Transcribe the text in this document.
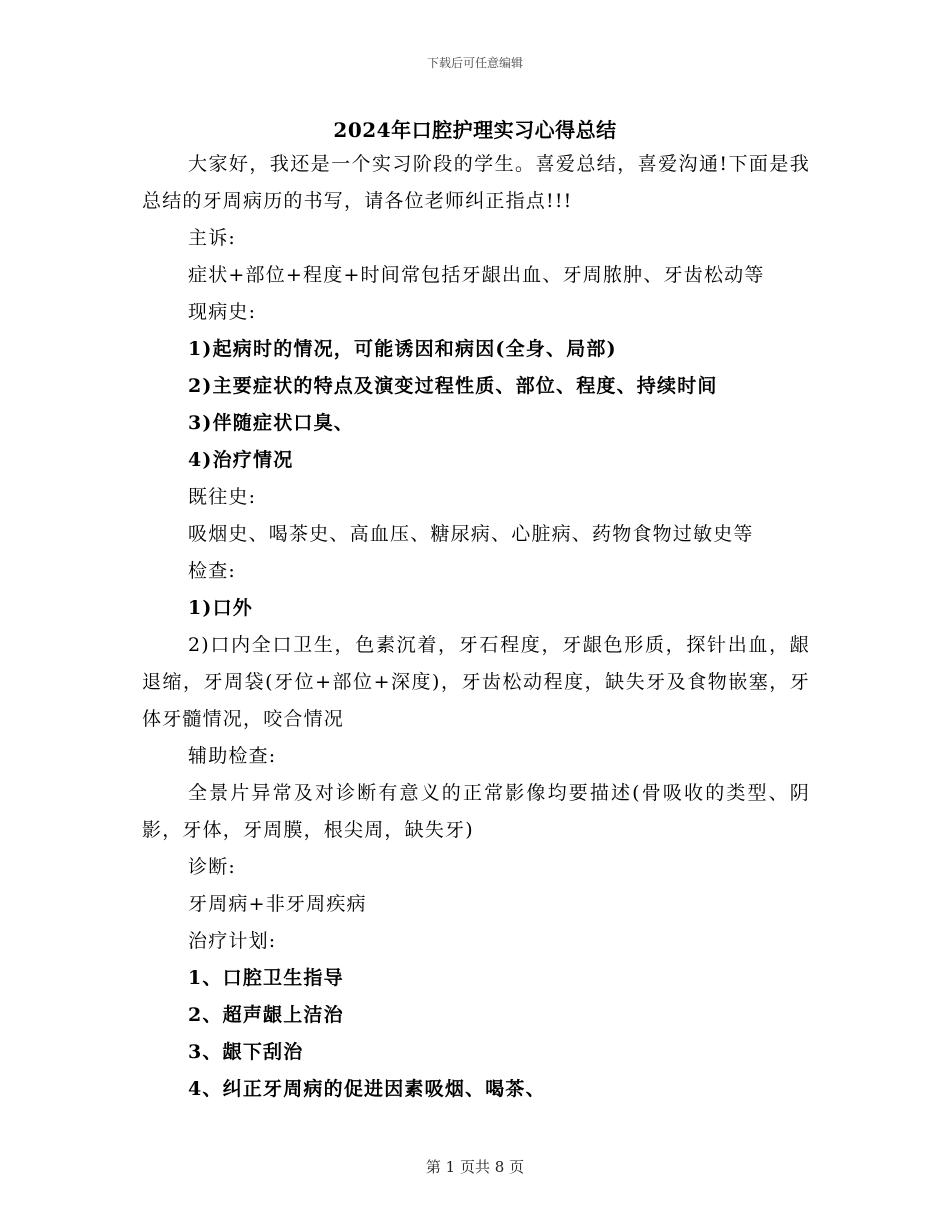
下载后可任意编辑
2024年口腔护理实习心得总结

大家好，我还是一个实习阶段的学生。喜爱总结，喜爱沟通!下面是我总结的牙周病历的书写，请各位老师纠正指点!!!

主诉:

症状+部位+程度+时间常包括牙龈出血、牙周脓肿、牙齿松动等

现病史:

1)起病时的情况，可能诱因和病因(全身、局部)

2)主要症状的特点及演变过程性质、部位、程度、持续时间

3)伴随症状口臭、

4)治疗情况

既往史:

吸烟史、喝茶史、高血压、糖尿病、心脏病、药物食物过敏史等

检查:

1)口外

2)口内全口卫生，色素沉着，牙石程度，牙龈色形质，探针出血，龈退缩，牙周袋(牙位+部位+深度)，牙齿松动程度，缺失牙及食物嵌塞，牙体牙髓情况，咬合情况

辅助检查:

全景片异常及对诊断有意义的正常影像均要描述(骨吸收的类型、阴影，牙体，牙周膜，根尖周，缺失牙)

诊断:

牙周病+非牙周疾病

治疗计划:

1、口腔卫生指导

2、超声龈上洁治

3、龈下刮治

4、纠正牙周病的促进因素吸烟、喝茶、

第 1 页共 8 页
